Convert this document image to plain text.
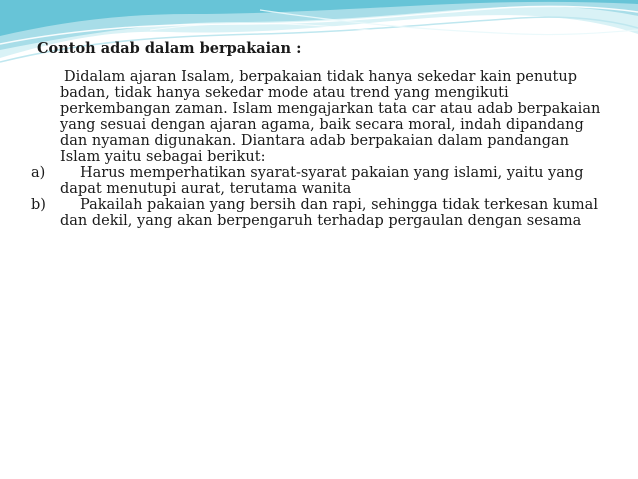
Contoh adab dalam berpakaian :
Didalam ajaran Isalam, berpakaian tidak hanya sekedar kain penutup badan, tidak hanya sekedar mode atau trend yang mengikuti perkembangan zaman. Islam mengajarkan tata car atau adab berpakaian yang sesuai dengan ajaran agama, baik secara moral, indah dipandang dan nyaman digunakan. Diantara adab berpakaian dalam pandangan Islam yaitu sebagai berikut:
a)	Harus memperhatikan syarat-syarat pakaian yang islami, yaitu yang dapat menutupi aurat, terutama wanita
b)	Pakailah pakaian yang bersih dan rapi, sehingga tidak terkesan kumal dan dekil, yang akan berpengaruh terhadap pergaulan dengan sesama
